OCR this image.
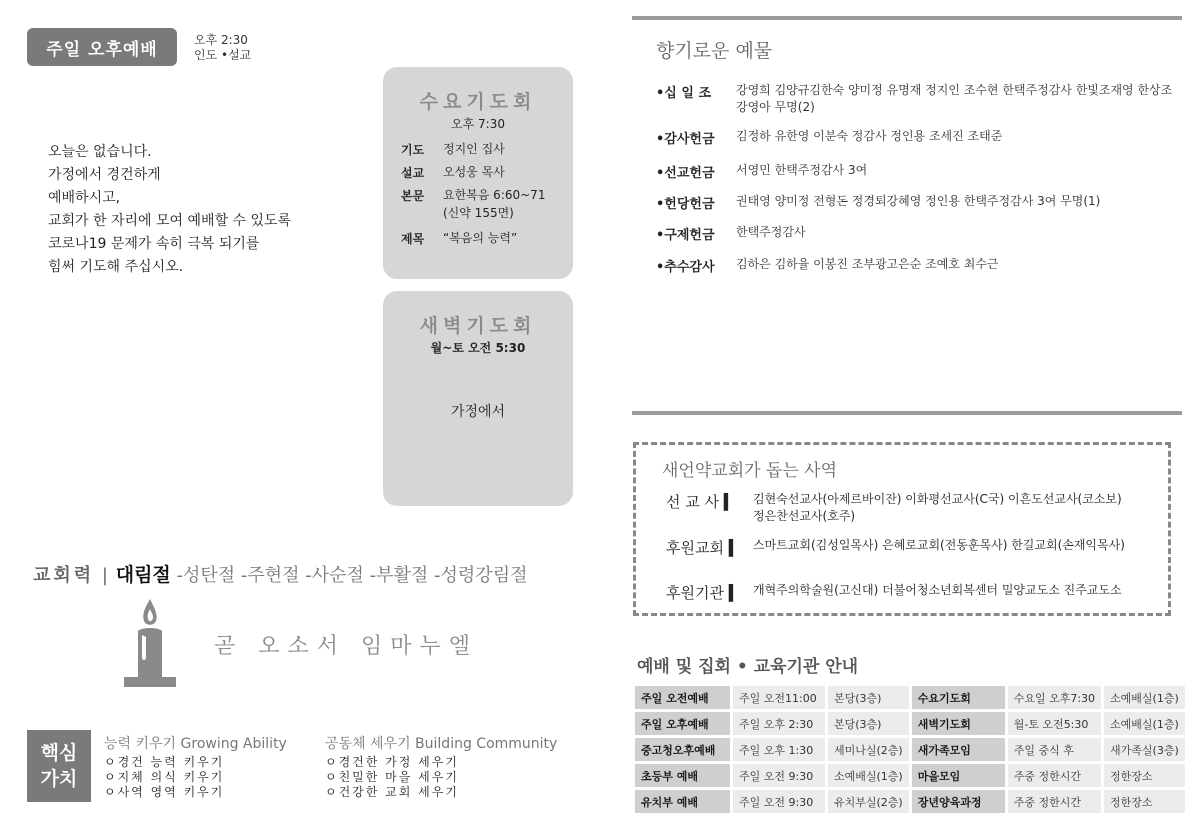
주일 오후예배	오후 2:30
인도 •설교
오늘은 없습니다.
가정에서 경건하게
예배하시고,
교회가 한 자리에 모여 예배할 수 있도록
코로나19 문제가 속히 극복 되기를
힘써 기도해 주십시오.
수요기도회
오후 7:30
기도	정지인 집사
설교	오성웅 목사
본문	요한복음 6:60~71
(신약 155면)
제목	“복음의 능력”
새벽기도회
월~토 오전 5:30
가정에서
교회력 | 대림절 -성탄절 -주현절 -사순절 -부활절 -성령강림절
곧 오소서 임마누엘
핵심
가치
능력 키우기 Growing Ability
ㅇ경건 능력 키우기
ㅇ지체 의식 키우기
ㅇ사역 영역 키우기
공동체 세우기 Building Community
ㅇ경건한 가정 세우기
ㅇ친밀한 마을 세우기
ㅇ건강한 교회 세우기
향기로운 예물
•십 일 조	강영희 김양규김한숙 양미정 유명재 정지인 조수현 한택주정감사 한빛조재영 한상조 강영아 무명(2)
•감사헌금	김정하 유한영 이분숙 정감사 정인용 조세진 조태준
•선교헌금	서영민 한택주정감사 3여
•헌당헌금	권태영 양미정 전형돈 정경퇴강혜영 정인용 한택주정감사 3여 무명(1)
•구제헌금	한택주정감사
•추수감사	김하은 김하율 이봉진 조부광고은순 조예호 최수근
새언약교회가 돕는 사역
선 교 사 ▍	김현숙선교사(아제르바이잔) 이화평선교사(C국) 이흔도선교사(코소보)
정은찬선교사(호주)
후원교회 ▍	스마트교회(김성일목사) 은혜로교회(전동훈목사) 한길교회(손재익목사)
후원기관 ▍	개혁주의학술원(고신대) 더불어청소년회복센터 밀양교도소 진주교도소
예배 및 집회 • 교육기관 안내
주일 오전예배	주일 오전11:00	본당(3층)	수요기도회	수요일 오후7:30	소예배실(1층)
주일 오후예배	주일 오후 2:30	본당(3층)	새벽기도회	월-토 오전5:30	소예배실(1층)
중고청오후예배	주일 오후 1:30	세미나실(2층)	새가족모임	주일 중식 후	새가족실(3층)
초등부 예배	주일 오전 9:30	소예배실(1층)	마을모임	주중 정한시간	정한장소
유치부 예배	주일 오전 9:30	유치부실(2층)	장년양육과정	주중 정한시간	정한장소
